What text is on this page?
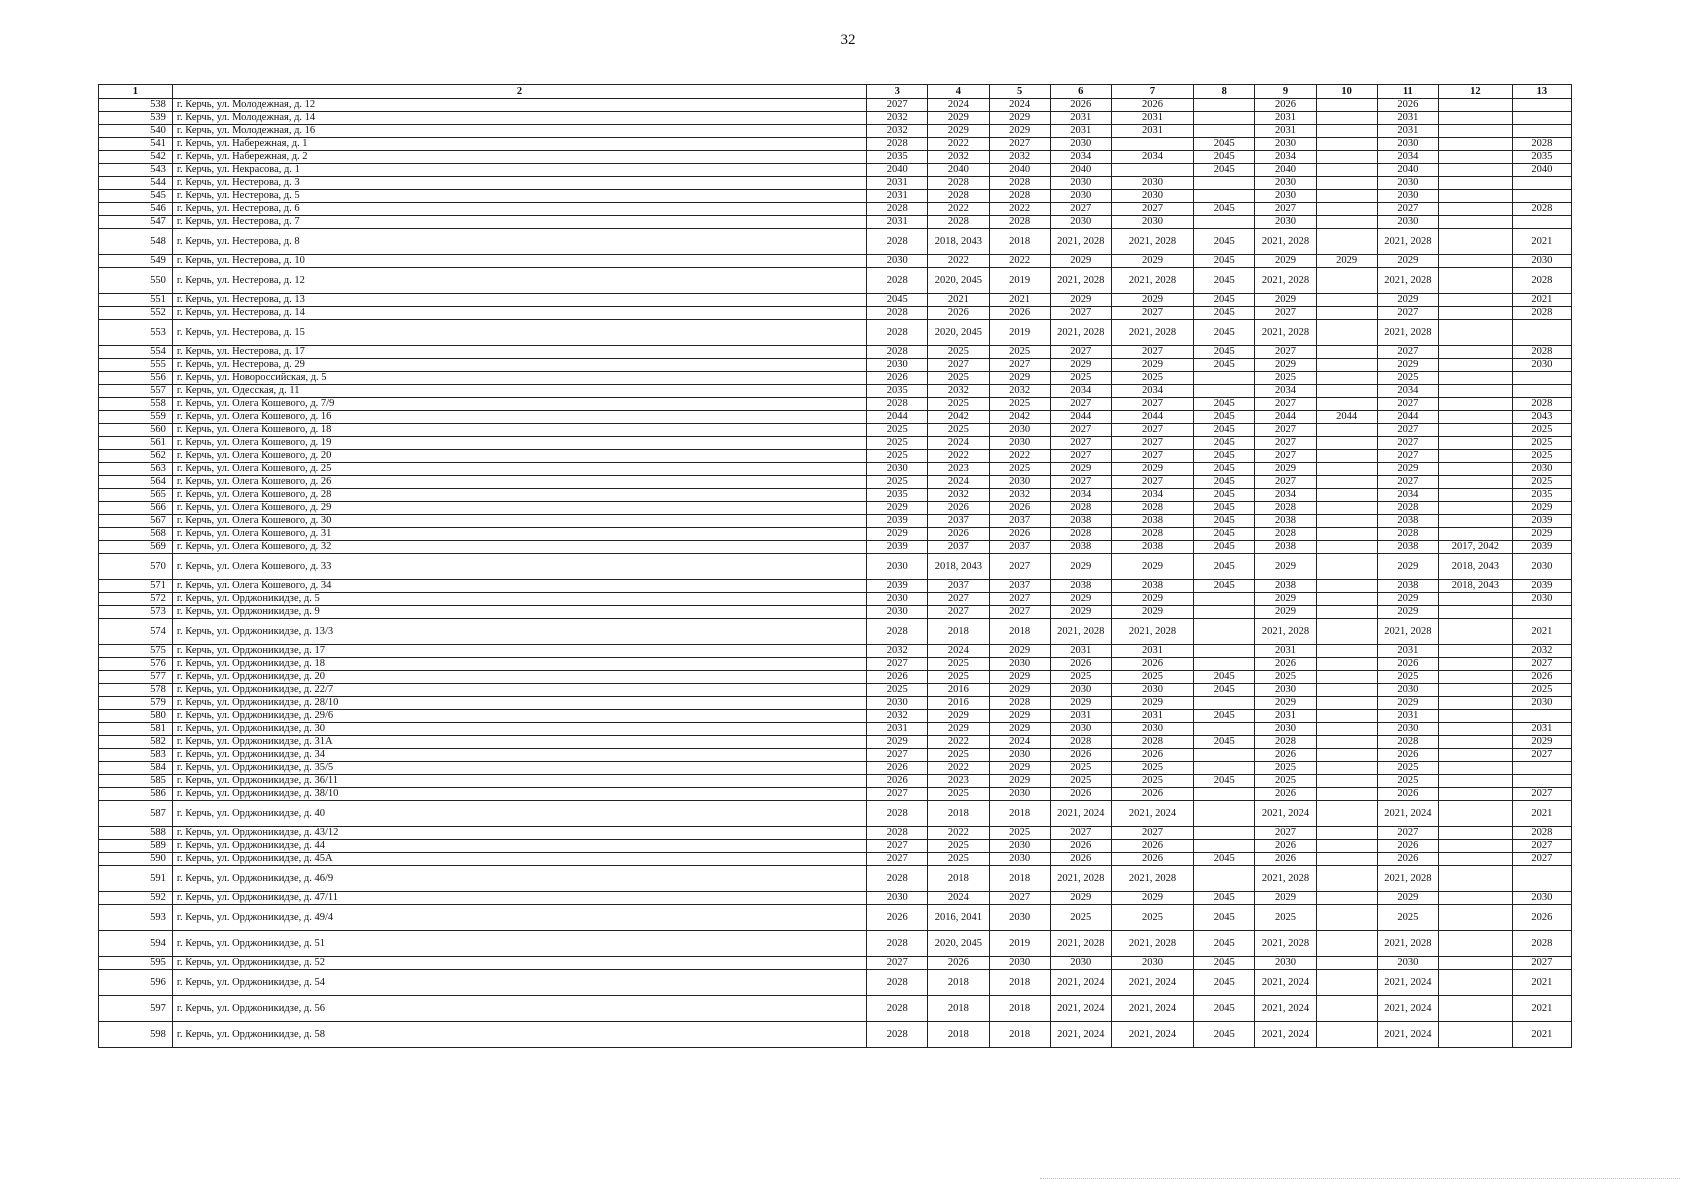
32
1	2	3	4	5	6	7	8	9	10	11	12	13
538	г. Керчь, ул. Молодежная, д. 12	2027	2024	2024	2026	2026		2026		2026		
539	г. Керчь, ул. Молодежная, д. 14	2032	2029	2029	2031	2031		2031		2031		
540	г. Керчь, ул. Молодежная, д. 16	2032	2029	2029	2031	2031		2031		2031		
541	г. Керчь, ул. Набережная, д. 1	2028	2022	2027	2030		2045	2030		2030		2028
542	г. Керчь, ул. Набережная, д. 2	2035	2032	2032	2034	2034	2045	2034		2034		2035
543	г. Керчь, ул. Некрасова, д. 1	2040	2040	2040	2040		2045	2040		2040		2040
544	г. Керчь, ул. Нестерова, д. 3	2031	2028	2028	2030	2030		2030		2030		
545	г. Керчь, ул. Нестерова, д. 5	2031	2028	2028	2030	2030		2030		2030		
546	г. Керчь, ул. Нестерова, д. 6	2028	2022	2022	2027	2027	2045	2027		2027		2028
547	г. Керчь, ул. Нестерова, д. 7	2031	2028	2028	2030	2030		2030		2030		
548	г. Керчь, ул. Нестерова, д. 8	2028	2018, 2043	2018	2021, 2028	2021, 2028	2045	2021, 2028		2021, 2028		2021
549	г. Керчь, ул. Нестерова, д. 10	2030	2022	2022	2029	2029	2045	2029	2029	2029		2030
550	г. Керчь, ул. Нестерова, д. 12	2028	2020, 2045	2019	2021, 2028	2021, 2028	2045	2021, 2028		2021, 2028		2028
551	г. Керчь, ул. Нестерова, д. 13	2045	2021	2021	2029	2029	2045	2029		2029		2021
552	г. Керчь, ул. Нестерова, д. 14	2028	2026	2026	2027	2027	2045	2027		2027		2028
553	г. Керчь, ул. Нестерова, д. 15	2028	2020, 2045	2019	2021, 2028	2021, 2028	2045	2021, 2028		2021, 2028		
554	г. Керчь, ул. Нестерова, д. 17	2028	2025	2025	2027	2027	2045	2027		2027		2028
555	г. Керчь, ул. Нестерова, д. 29	2030	2027	2027	2029	2029	2045	2029		2029		2030
556	г. Керчь, ул. Новороссийская, д. 5	2026	2025	2029	2025	2025		2025		2025		
557	г. Керчь, ул. Одесская, д. 11	2035	2032	2032	2034	2034		2034		2034		
558	г. Керчь, ул. Олега Кошевого, д. 7/9	2028	2025	2025	2027	2027	2045	2027		2027		2028
559	г. Керчь, ул. Олега Кошевого, д. 16	2044	2042	2042	2044	2044	2045	2044	2044	2044		2043
560	г. Керчь, ул. Олега Кошевого, д. 18	2025	2025	2030	2027	2027	2045	2027		2027		2025
561	г. Керчь, ул. Олега Кошевого, д. 19	2025	2024	2030	2027	2027	2045	2027		2027		2025
562	г. Керчь, ул. Олега Кошевого, д. 20	2025	2022	2022	2027	2027	2045	2027		2027		2025
563	г. Керчь, ул. Олега Кошевого, д. 25	2030	2023	2025	2029	2029	2045	2029		2029		2030
564	г. Керчь, ул. Олега Кошевого, д. 26	2025	2024	2030	2027	2027	2045	2027		2027		2025
565	г. Керчь, ул. Олега Кошевого, д. 28	2035	2032	2032	2034	2034	2045	2034		2034		2035
566	г. Керчь, ул. Олега Кошевого, д. 29	2029	2026	2026	2028	2028	2045	2028		2028		2029
567	г. Керчь, ул. Олега Кошевого, д. 30	2039	2037	2037	2038	2038	2045	2038		2038		2039
568	г. Керчь, ул. Олега Кошевого, д. 31	2029	2026	2026	2028	2028	2045	2028		2028		2029
569	г. Керчь, ул. Олега Кошевого, д. 32	2039	2037	2037	2038	2038	2045	2038		2038	2017, 2042	2039
570	г. Керчь, ул. Олега Кошевого, д. 33	2030	2018, 2043	2027	2029	2029	2045	2029		2029	2018, 2043	2030
571	г. Керчь, ул. Олега Кошевого, д. 34	2039	2037	2037	2038	2038	2045	2038		2038	2018, 2043	2039
572	г. Керчь, ул. Орджоникидзе, д. 5	2030	2027	2027	2029	2029		2029		2029		2030
573	г. Керчь, ул. Орджоникидзе, д. 9	2030	2027	2027	2029	2029		2029		2029		
574	г. Керчь, ул. Орджоникидзе, д. 13/3	2028	2018	2018	2021, 2028	2021, 2028		2021, 2028		2021, 2028		2021
575	г. Керчь, ул. Орджоникидзе, д. 17	2032	2024	2029	2031	2031		2031		2031		2032
576	г. Керчь, ул. Орджоникидзе, д. 18	2027	2025	2030	2026	2026		2026		2026		2027
577	г. Керчь, ул. Орджоникидзе, д. 20	2026	2025	2029	2025	2025	2045	2025		2025		2026
578	г. Керчь, ул. Орджоникидзе, д. 22/7	2025	2016	2029	2030	2030	2045	2030		2030		2025
579	г. Керчь, ул. Орджоникидзе, д. 28/10	2030	2016	2028	2029	2029		2029		2029		2030
580	г. Керчь, ул. Орджоникидзе, д. 29/6	2032	2029	2029	2031	2031	2045	2031		2031		
581	г. Керчь, ул. Орджоникидзе, д. 30	2031	2029	2029	2030	2030		2030		2030		2031
582	г. Керчь, ул. Орджоникидзе, д. 31А	2029	2022	2024	2028	2028	2045	2028		2028		2029
583	г. Керчь, ул. Орджоникидзе, д. 34	2027	2025	2030	2026	2026		2026		2026		2027
584	г. Керчь, ул. Орджоникидзе, д. 35/5	2026	2022	2029	2025	2025		2025		2025		
585	г. Керчь, ул. Орджоникидзе, д. 36/11	2026	2023	2029	2025	2025	2045	2025		2025		
586	г. Керчь, ул. Орджоникидзе, д. 38/10	2027	2025	2030	2026	2026		2026		2026		2027
587	г. Керчь, ул. Орджоникидзе, д. 40	2028	2018	2018	2021, 2024	2021, 2024		2021, 2024		2021, 2024		2021
588	г. Керчь, ул. Орджоникидзе, д. 43/12	2028	2022	2025	2027	2027		2027		2027		2028
589	г. Керчь, ул. Орджоникидзе, д. 44	2027	2025	2030	2026	2026		2026		2026		2027
590	г. Керчь, ул. Орджоникидзе, д. 45А	2027	2025	2030	2026	2026	2045	2026		2026		2027
591	г. Керчь, ул. Орджоникидзе, д. 46/9	2028	2018	2018	2021, 2028	2021, 2028		2021, 2028		2021, 2028		
592	г. Керчь, ул. Орджоникидзе, д. 47/11	2030	2024	2027	2029	2029	2045	2029		2029		2030
593	г. Керчь, ул. Орджоникидзе, д. 49/4	2026	2016, 2041	2030	2025	2025	2045	2025		2025		2026
594	г. Керчь, ул. Орджоникидзе, д. 51	2028	2020, 2045	2019	2021, 2028	2021, 2028	2045	2021, 2028		2021, 2028		2028
595	г. Керчь, ул. Орджоникидзе, д. 52	2027	2026	2030	2030	2030	2045	2030		2030		2027
596	г. Керчь, ул. Орджоникидзе, д. 54	2028	2018	2018	2021, 2024	2021, 2024	2045	2021, 2024		2021, 2024		2021
597	г. Керчь, ул. Орджоникидзе, д. 56	2028	2018	2018	2021, 2024	2021, 2024	2045	2021, 2024		2021, 2024		2021
598	г. Керчь, ул. Орджоникидзе, д. 58	2028	2018	2018	2021, 2024	2021, 2024	2045	2021, 2024		2021, 2024		2021
